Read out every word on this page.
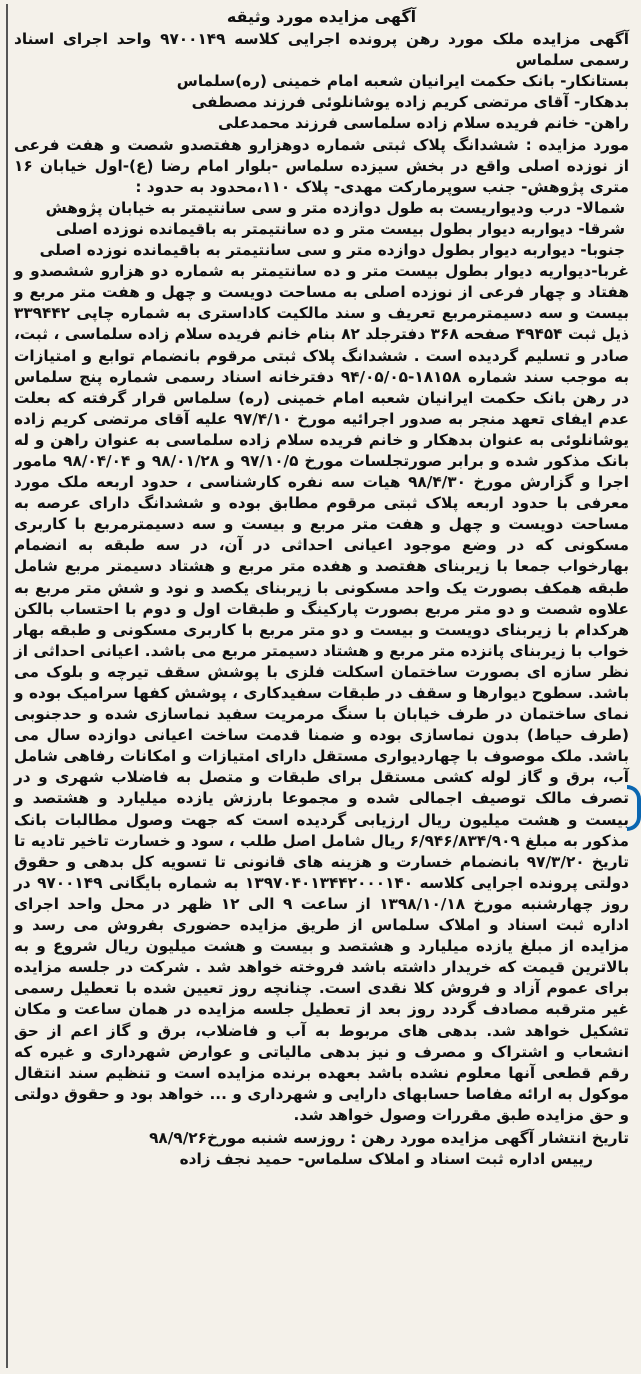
آگهی مزایده مورد وثیقه

آگهی مزایده ملک مورد رهن پرونده اجرایی کلاسه ۹۷۰۰۱۴۹ واحد اجرای اسناد رسمی سلماس

بستانکار- بانک حکمت ایرانیان شعبه امام خمینی (ره)سلماس

بدهکار- آقای مرتضی کریم زاده یوشانلوئی فرزند مصطفی

راهن- خانم فریده سلام زاده سلماسی فرزند محمدعلی

مورد مزایده : ششدانگ پلاک ثبتی شماره دوهزارو هفتصدو شصت و هفت فرعی از نوزده اصلی واقع در بخش سیزده سلماس -بلوار امام رضا (ع)-اول خیابان ۱۶ متری پژوهش- جنب سوپرمارکت مهدی- پلاک ۱۱۰،محدود به حدود :

شمالا- درب ودیواریست به طول دوازده متر و سی سانتیمتر به خیابان پژوهش

شرقا- دیواربه دیوار بطول بیست متر و ده سانتیمتر به باقیمانده نوزده اصلی

جنوبا- دیواربه دیوار بطول دوازده متر و سی سانتیمتر به باقیمانده نوزده اصلی

غربا-دیواریه دیوار بطول بیست متر و ده سانتیمتر به شماره دو هزارو ششصدو و هفتاد و چهار فرعی از نوزده اصلی به مساحت دویست و چهل و هفت متر مربع و بیست و سه دسیمترمربع تعریف و سند مالکیت کاداستری به شماره چاپی ۳۳۹۴۴۲ ذیل ثبت ۴۹۴۵۴ صفحه ۳۶۸ دفترجلد ۸۲ بنام خانم فریده سلام زاده سلماسی ، ثبت، صادر و تسلیم گردیده است . ششدانگ پلاک ثبتی مرقوم بانضمام توابع و امتیازات به موجب سند شماره ۱۸۱۵۸-۹۴/۰۵/۰۵ دفترخانه اسناد رسمی شماره پنج سلماس در رهن بانک حکمت ایرانیان شعبه امام خمینی (ره) سلماس قرار گرفته که بعلت عدم ایفای تعهد منجر به صدور اجرائیه مورخ ۹۷/۴/۱۰ علیه آقای مرتضی کریم زاده یوشانلوئی به عنوان بدهکار و خانم فریده سلام زاده سلماسی به عنوان راهن و له بانک مذکور شده و برابر صورتجلسات مورخ ۹۷/۱۰/۵ و ۹۸/۰۱/۲۸ و ۹۸/۰۴/۰۴ مامور اجرا و گزارش مورخ ۹۸/۴/۳۰ هیات سه نفره کارشناسی ، حدود اربعه ملک مورد معرفی با حدود اربعه پلاک ثبتی مرقوم مطابق بوده و ششدانگ دارای عرصه به مساحت دویست و چهل و هفت متر مربع و بیست و سه دسیمترمربع با کاربری مسکونی که در وضع موجود اعیانی احداثی در آن، در سه طبقه به انضمام بهارخواب جمعا با زیربنای هفتصد و هفده متر مربع و هشتاد دسیمتر مربع شامل طبقه همکف بصورت یک واحد مسکونی با زیربنای یکصد و نود و شش متر مربع به علاوه شصت و دو متر مربع بصورت پارکینگ و طبقات اول و دوم با احتساب بالکن هرکدام با زیربنای دویست و بیست و دو متر مربع با کاربری مسکونی و طبقه بهار خواب با زیربنای پانزده متر مربع و هشتاد دسیمتر مربع می باشد. اعیانی احداثی از نظر سازه ای بصورت ساختمان اسکلت فلزی با پوشش سقف تیرچه و بلوک می باشد. سطوح دیوارها و سقف در طبقات سفیدکاری ، پوشش کفها سرامیک بوده و نمای ساختمان در طرف خیابان با سنگ مرمریت سفید نماسازی شده و حدجنوبی (طرف حیاط) بدون نماسازی بوده و ضمنا قدمت ساخت اعیانی دوازده سال می باشد. ملک موصوف با چهاردیواری مستقل دارای امتیازات و امکانات رفاهی شامل آب، برق و گاز لوله کشی مستقل برای طبقات و متصل به فاضلاب شهری و در تصرف مالک توصیف اجمالی شده و مجموعا بارزش یازده میلیارد و هشتصد و بیست و هشت میلیون ریال ارزیابی گردیده است که جهت وصول مطالبات بانک مذکور به مبلغ ۶/۹۴۶/۸۳۴/۹۰۹ ریال شامل اصل طلب ، سود و خسارت تاخیر تادیه تا تاریخ ۹۷/۳/۲۰ بانضمام خسارت و هزینه های قانونی تا تسویه کل بدهی و حقوق دولتی پرونده اجرایی کلاسه ۱۳۹۷۰۴۰۱۳۴۴۲۰۰۰۱۴۰ به شماره بایگانی ۹۷۰۰۱۴۹ در روز چهارشنبه مورخ ۱۳۹۸/۱۰/۱۸ از ساعت ۹ الی ۱۲ ظهر در محل واحد اجرای اداره ثبت اسناد و املاک سلماس از طریق مزایده حضوری بفروش می رسد و مزایده از مبلغ یازده میلیارد و هشتصد و بیست و هشت میلیون ریال شروع و به بالاترین قیمت که خریدار داشته باشد فروخته خواهد شد . شرکت در جلسه مزایده برای عموم آزاد و فروش کلا نقدی است. چنانچه روز تعیین شده با تعطیل رسمی غیر مترقبه مصادف گردد روز بعد از تعطیل جلسه مزایده در همان ساعت و مکان تشکیل خواهد شد. بدهی های مربوط به آب و فاضلاب، برق و گاز اعم از حق انشعاب و اشتراک و مصرف و نیز بدهی مالیاتی و عوارض شهرداری و غیره که رقم قطعی آنها معلوم نشده باشد بعهده برنده مزایده است و تنظیم سند انتقال موکول به ارائه مفاصا حسابهای دارایی و شهرداری و ... خواهد بود و حقوق دولتی و حق مزایده طبق مقررات وصول خواهد شد.

تاریخ انتشار آگهی مزایده مورد رهن : روزسه شنبه مورخ۹۸/۹/۲۶

رییس اداره ثبت اسناد و املاک سلماس- حمید نجف زاده
